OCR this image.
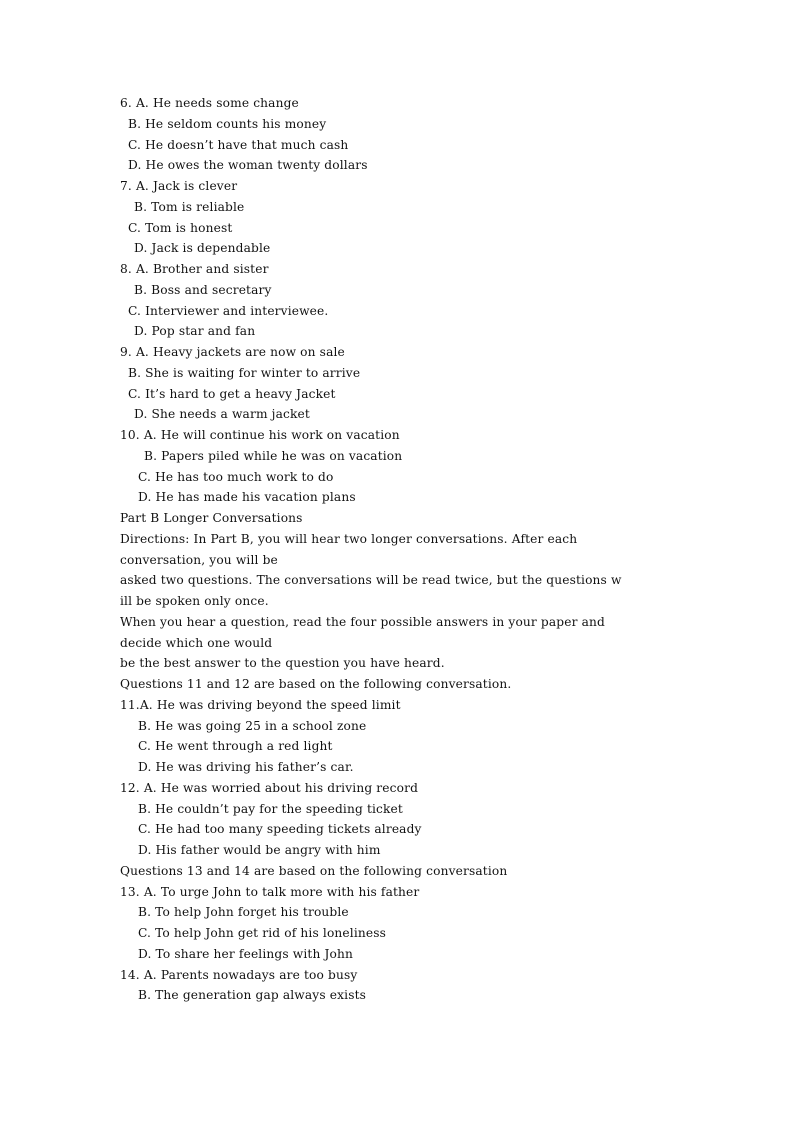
6. A. He needs some change
B. He seldom counts his money
C. He doesn’t have that much cash
D. He owes the woman twenty dollars
7. A. Jack is clever
B. Tom is reliable
C. Tom is honest
D. Jack is dependable
8. A. Brother and sister
B. Boss and secretary
C. Interviewer and interviewee.
D. Pop star and fan
9. A. Heavy jackets are now on sale
B. She is waiting for winter to arrive
C. It’s hard to get a heavy Jacket
D. She needs a warm jacket
10. A. He will continue his work on vacation
B. Papers piled while he was on vacation
C. He has too much work to do
D. He has made his vacation plans
Part B Longer Conversations
Directions: In Part B, you will hear two longer conversations. After each
conversation, you will be
asked two questions. The conversations will be read twice, but the questions w
ill be spoken only once.
When you hear a question, read the four possible answers in your paper and
decide which one would
be the best answer to the question you have heard.
Questions 11 and 12 are based on the following conversation.
11.A. He was driving beyond the speed limit
B. He was going 25 in a school zone
C. He went through a red light
D. He was driving his father’s car.
12. A. He was worried about his driving record
B. He couldn’t pay for the speeding ticket
C. He had too many speeding tickets already
D. His father would be angry with him
Questions 13 and 14 are based on the following conversation
13. A. To urge John to talk more with his father
B. To help John forget his trouble
C. To help John get rid of his loneliness
D. To share her feelings with John
14. A. Parents nowadays are too busy
B. The generation gap always exists
